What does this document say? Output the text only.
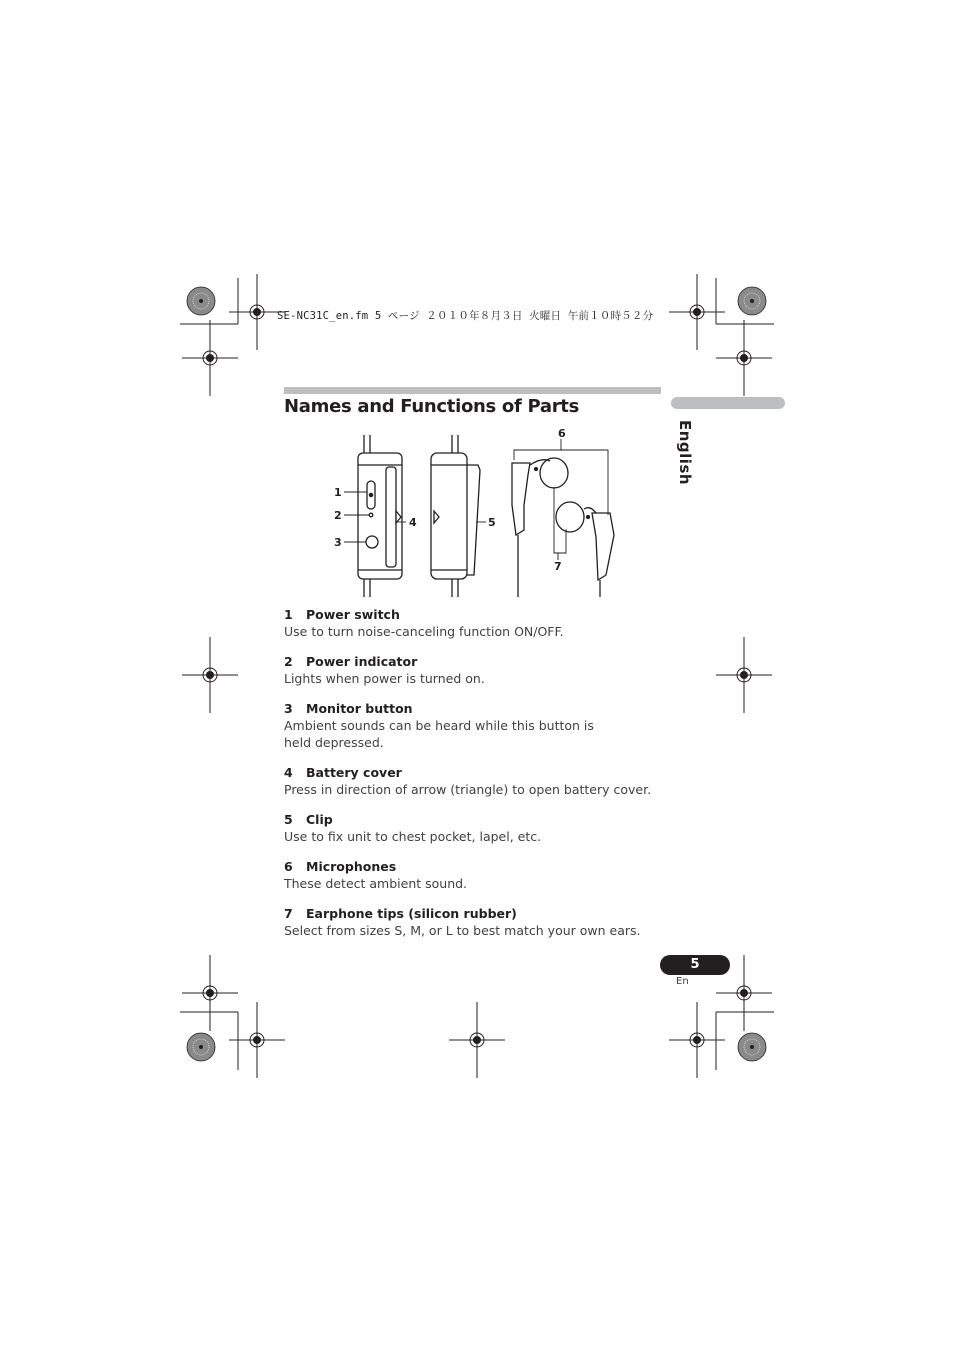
SE-NC31C_en.fm 5 ページ ２０１０年８月３日 火曜日 午前１０時５２分
Names and Functions of Parts
English
1
2
3
4	5
6
7
1 Power switch
Use to turn noise-canceling function ON/OFF.
2 Power indicator
Lights when power is turned on.
3 Monitor button
Ambient sounds can be heard while this button is held depressed.
4 Battery cover
Press in direction of arrow (triangle) to open battery cover.
5 Clip
Use to fix unit to chest pocket, lapel, etc.
6 Microphones
These detect ambient sound.
7 Earphone tips (silicon rubber)
Select from sizes S, M, or L to best match your own ears.
5
En
